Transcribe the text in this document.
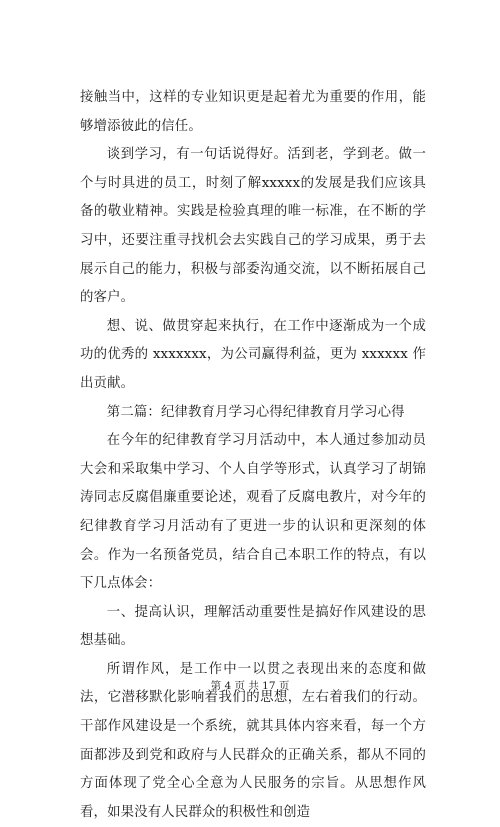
接触当中，这样的专业知识更是起着尤为重要的作用，能够增添彼此的信任。

谈到学习，有一句话说得好。活到老，学到老。做一个与时具进的员工，时刻了解xxxxx的发展是我们应该具备的敬业精神。实践是检验真理的唯一标准，在不断的学习中，还要注重寻找机会去实践自己的学习成果，勇于去展示自己的能力，积极与部委沟通交流，以不断拓展自己的客户。

想、说、做贯穿起来执行，在工作中逐渐成为一个成功的优秀的 xxxxxxx，为公司赢得利益，更为 xxxxxx 作出贡献。

第二篇：纪律教育月学习心得纪律教育月学习心得

在今年的纪律教育学习月活动中，本人通过参加动员大会和采取集中学习、个人自学等形式，认真学习了胡锦涛同志反腐倡廉重要论述，观看了反腐电教片，对今年的纪律教育学习月活动有了更进一步的认识和更深刻的体会。作为一名预备党员，结合自己本职工作的特点，有以下几点体会：

一、提高认识，理解活动重要性是搞好作风建设的思想基础。

所谓作风，是工作中一以贯之表现出来的态度和做法，它潜移默化影响着我们的思想，左右着我们的行动。干部作风建设是一个系统，就其具体内容来看，每一个方面都涉及到党和政府与人民群众的正确关系，都从不同的方面体现了党全心全意为人民服务的宗旨。从思想作风看，如果没有人民群众的积极性和创造

第 4 页 共 17 页
